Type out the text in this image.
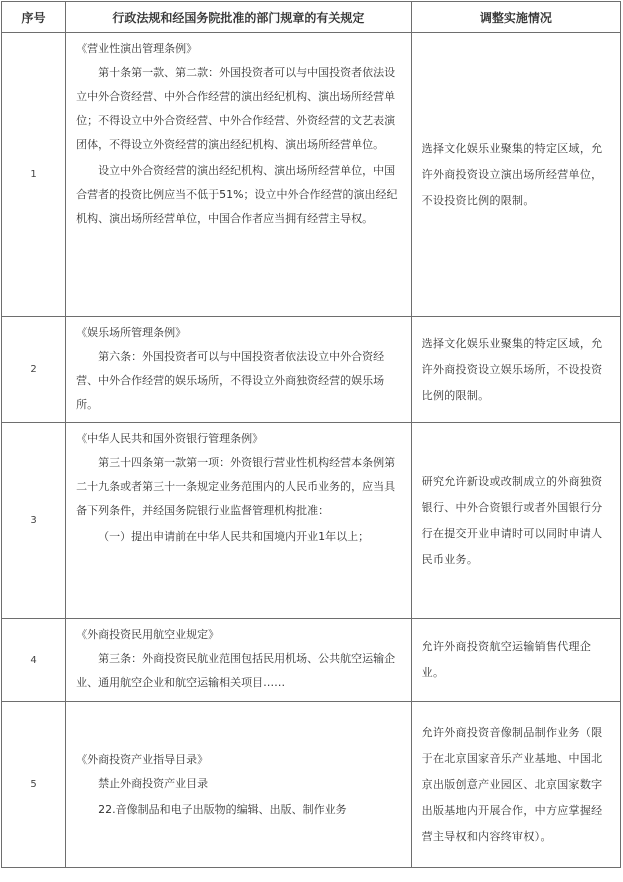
序号	行政法规和经国务院批准的部门规章的有关规定	调整实施情况
1	《营业性演出管理条例》

第十条第一款、第二款：外国投资者可以与中国投资者依法设立中外合资经营、中外合作经营的演出经纪机构、演出场所经营单位；不得设立中外合资经营、中外合作经营、外资经营的文艺表演团体，不得设立外资经营的演出经纪机构、演出场所经营单位。

设立中外合资经营的演出经纪机构、演出场所经营单位，中国合营者的投资比例应当不低于51%；设立中外合作经营的演出经纪机构、演出场所经营单位，中国合作者应当拥有经营主导权。	选择文化娱乐业聚集的特定区域，允许外商投资设立演出场所经营单位，不设投资比例的限制。
2	《娱乐场所管理条例》

第六条：外国投资者可以与中国投资者依法设立中外合资经营、中外合作经营的娱乐场所，不得设立外商独资经营的娱乐场所。	选择文化娱乐业聚集的特定区域，允许外商投资设立娱乐场所，不设投资比例的限制。
3	《中华人民共和国外资银行管理条例》

第三十四条第一款第一项：外资银行营业性机构经营本条例第二十九条或者第三十一条规定业务范围内的人民币业务的，应当具备下列条件，并经国务院银行业监督管理机构批准：

（一）提出申请前在中华人民共和国境内开业1年以上；	研究允许新设或改制成立的外商独资银行、中外合资银行或者外国银行分行在提交开业申请时可以同时申请人民币业务。
4	《外商投资民用航空业规定》

第三条：外商投资民航业范围包括民用机场、公共航空运输企业、通用航空企业和航空运输相关项目……	允许外商投资航空运输销售代理企业。
5	《外商投资产业指导目录》

禁止外商投资产业目录

22.音像制品和电子出版物的编辑、出版、制作业务	允许外商投资音像制品制作业务（限于在北京国家音乐产业基地、中国北京出版创意产业园区、北京国家数字出版基地内开展合作，中方应掌握经营主导权和内容终审权）。
